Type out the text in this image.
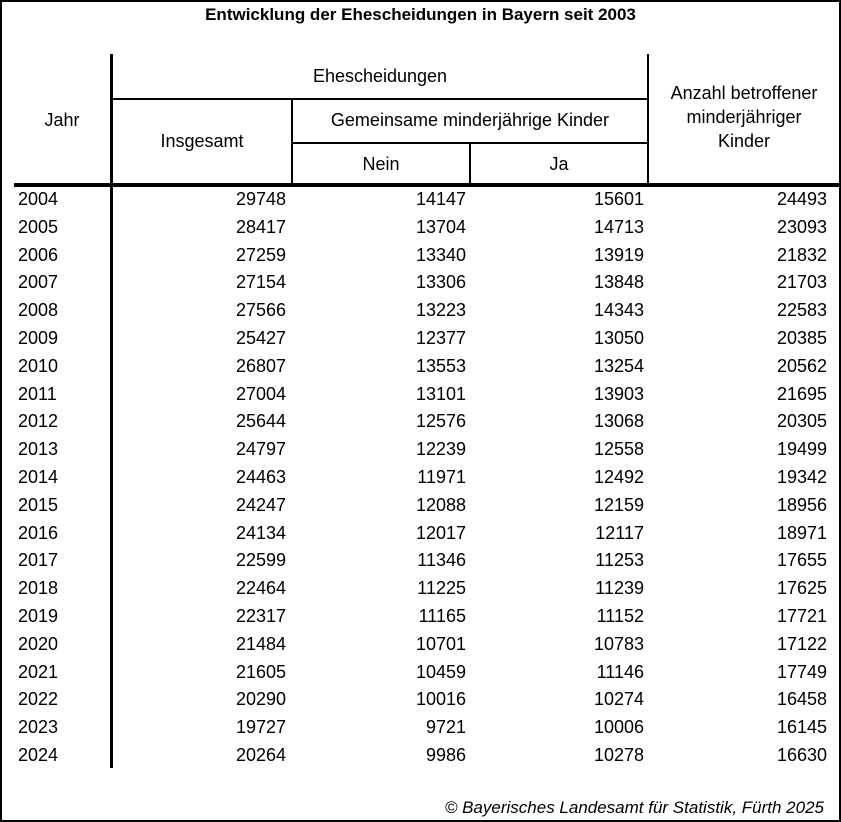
Entwicklung der Ehescheidungen in Bayern seit 2003
Jahr
Ehescheidungen
Insgesamt
Gemeinsame minderjährige Kinder
Nein	Ja
Anzahl betroffener
minderjähriger
Kinder
2004	29748	14147	15601	24493
2005	28417	13704	14713	23093
2006	27259	13340	13919	21832
2007	27154	13306	13848	21703
2008	27566	13223	14343	22583
2009	25427	12377	13050	20385
2010	26807	13553	13254	20562
2011	27004	13101	13903	21695
2012	25644	12576	13068	20305
2013	24797	12239	12558	19499
2014	24463	11971	12492	19342
2015	24247	12088	12159	18956
2016	24134	12017	12117	18971
2017	22599	11346	11253	17655
2018	22464	11225	11239	17625
2019	22317	11165	11152	17721
2020	21484	10701	10783	17122
2021	21605	10459	11146	17749
2022	20290	10016	10274	16458
2023	19727	9721	10006	16145
2024	20264	9986	10278	16630
© Bayerisches Landesamt für Statistik, Fürth 2025
